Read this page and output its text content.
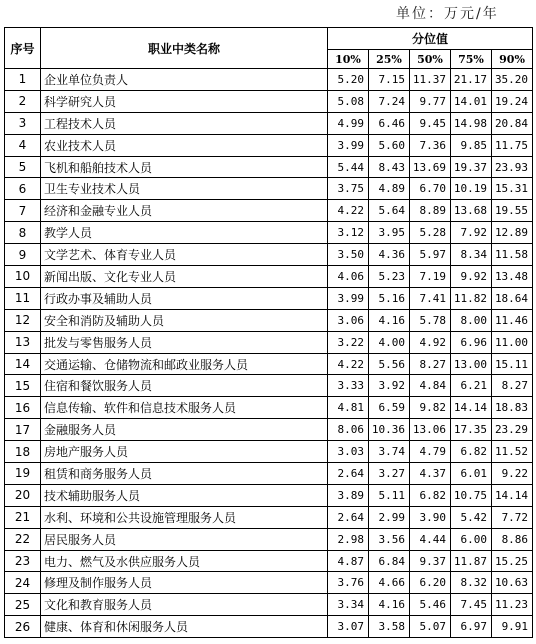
单位：万元/年
序号	职业中类名称	分位值				
		10%	25%	50%	75%	90%
1	企业单位负责人	5.20	7.15	11.37	21.17	35.20
2	科学研究人员	5.08	7.24	9.77	14.01	19.24
3	工程技术人员	4.99	6.46	9.45	14.98	20.84
4	农业技术人员	3.99	5.60	7.36	9.85	11.75
5	飞机和船舶技术人员	5.44	8.43	13.69	19.37	23.93
6	卫生专业技术人员	3.75	4.89	6.70	10.19	15.31
7	经济和金融专业人员	4.22	5.64	8.89	13.68	19.55
8	教学人员	3.12	3.95	5.28	7.92	12.89
9	文学艺术、体育专业人员	3.50	4.36	5.97	8.34	11.58
10	新闻出版、文化专业人员	4.06	5.23	7.19	9.92	13.48
11	行政办事及辅助人员	3.99	5.16	7.41	11.82	18.64
12	安全和消防及辅助人员	3.06	4.16	5.78	8.00	11.46
13	批发与零售服务人员	3.22	4.00	4.92	6.96	11.00
14	交通运输、仓储物流和邮政业服务人员	4.22	5.56	8.27	13.00	15.11
15	住宿和餐饮服务人员	3.33	3.92	4.84	6.21	8.27
16	信息传输、软件和信息技术服务人员	4.81	6.59	9.82	14.14	18.83
17	金融服务人员	8.06	10.36	13.06	17.35	23.29
18	房地产服务人员	3.03	3.74	4.79	6.82	11.52
19	租赁和商务服务人员	2.64	3.27	4.37	6.01	9.22
20	技术辅助服务人员	3.89	5.11	6.82	10.75	14.14
21	水利、环境和公共设施管理服务人员	2.64	2.99	3.90	5.42	7.72
22	居民服务人员	2.98	3.56	4.44	6.00	8.86
23	电力、燃气及水供应服务人员	4.87	6.84	9.37	11.87	15.25
24	修理及制作服务人员	3.76	4.66	6.20	8.32	10.63
25	文化和教育服务人员	3.34	4.16	5.46	7.45	11.23
26	健康、体育和休闲服务人员	3.07	3.58	5.07	6.97	9.91
